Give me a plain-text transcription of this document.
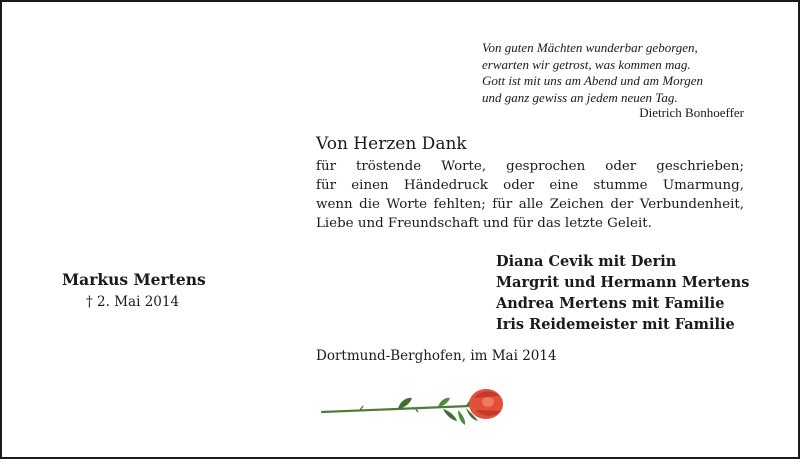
Von guten Mächten wunderbar geborgen,
erwarten wir getrost, was kommen mag.
Gott ist mit uns am Abend und am Morgen
und ganz gewiss an jedem neuen Tag.
Dietrich Bonhoeffer
Von Herzen Dank
für tröstende Worte, gesprochen oder geschrieben;
für einen Händedruck oder eine stumme Umarmung,
wenn die Worte fehlten; für alle Zeichen der Verbundenheit,
Liebe und Freundschaft und für das letzte Geleit.
Markus Mertens
† 2. Mai 2014
Diana Cevik mit Derin
Margrit und Hermann Mertens
Andrea Mertens mit Familie
Iris Reidemeister mit Familie
Dortmund-Berghofen, im Mai 2014
